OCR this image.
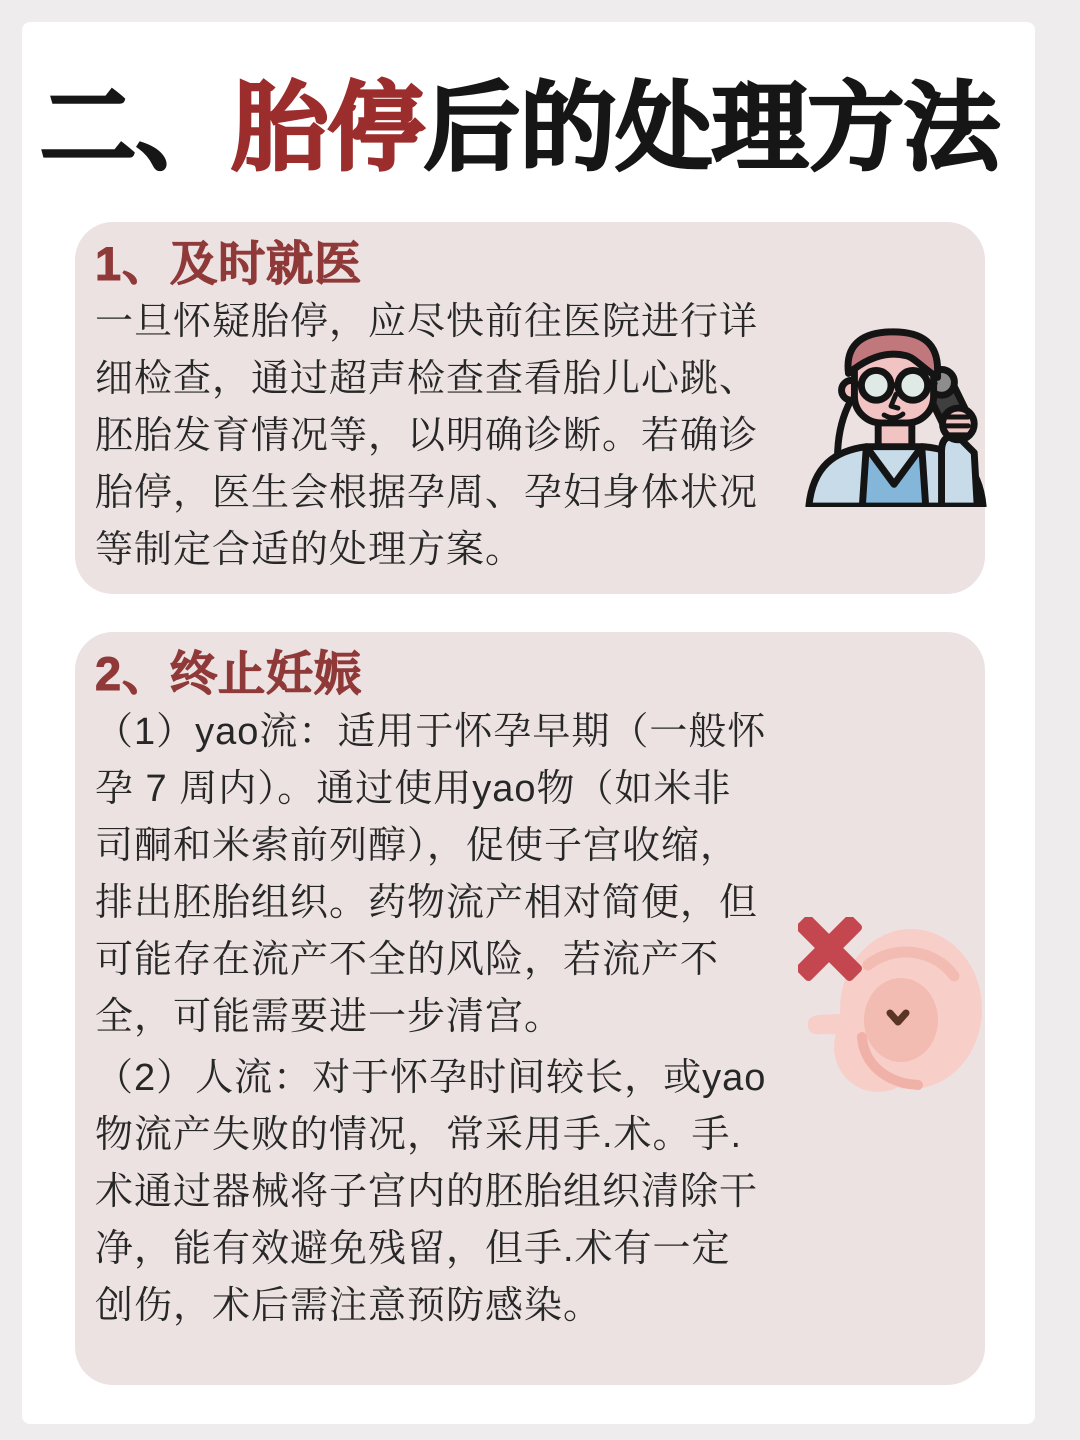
二、胎停后的处理方法
1、及时就医

一旦怀疑胎停，应尽快前往医院进行详细检查，通过超声检查查看胎儿心跳、胚胎发育情况等，以明确诊断。若确诊胎停，医生会根据孕周、孕妇身体状况等制定合适的处理方案。

2、终止妊娠

（1）yao流：适用于怀孕早期（一般怀孕 7 周内）。通过使用yao物（如米非司酮和米索前列醇），促使子宫收缩，排出胚胎组织。药物流产相对简便，但可能存在流产不全的风险，若流产不全，可能需要进一步清宫。

（2）人流：对于怀孕时间较长，或yao物流产失败的情况，常采用手.术。手.术通过器械将子宫内的胚胎组织清除干净，能有效避免残留，但手.术有一定创伤，术后需注意预防感染。
